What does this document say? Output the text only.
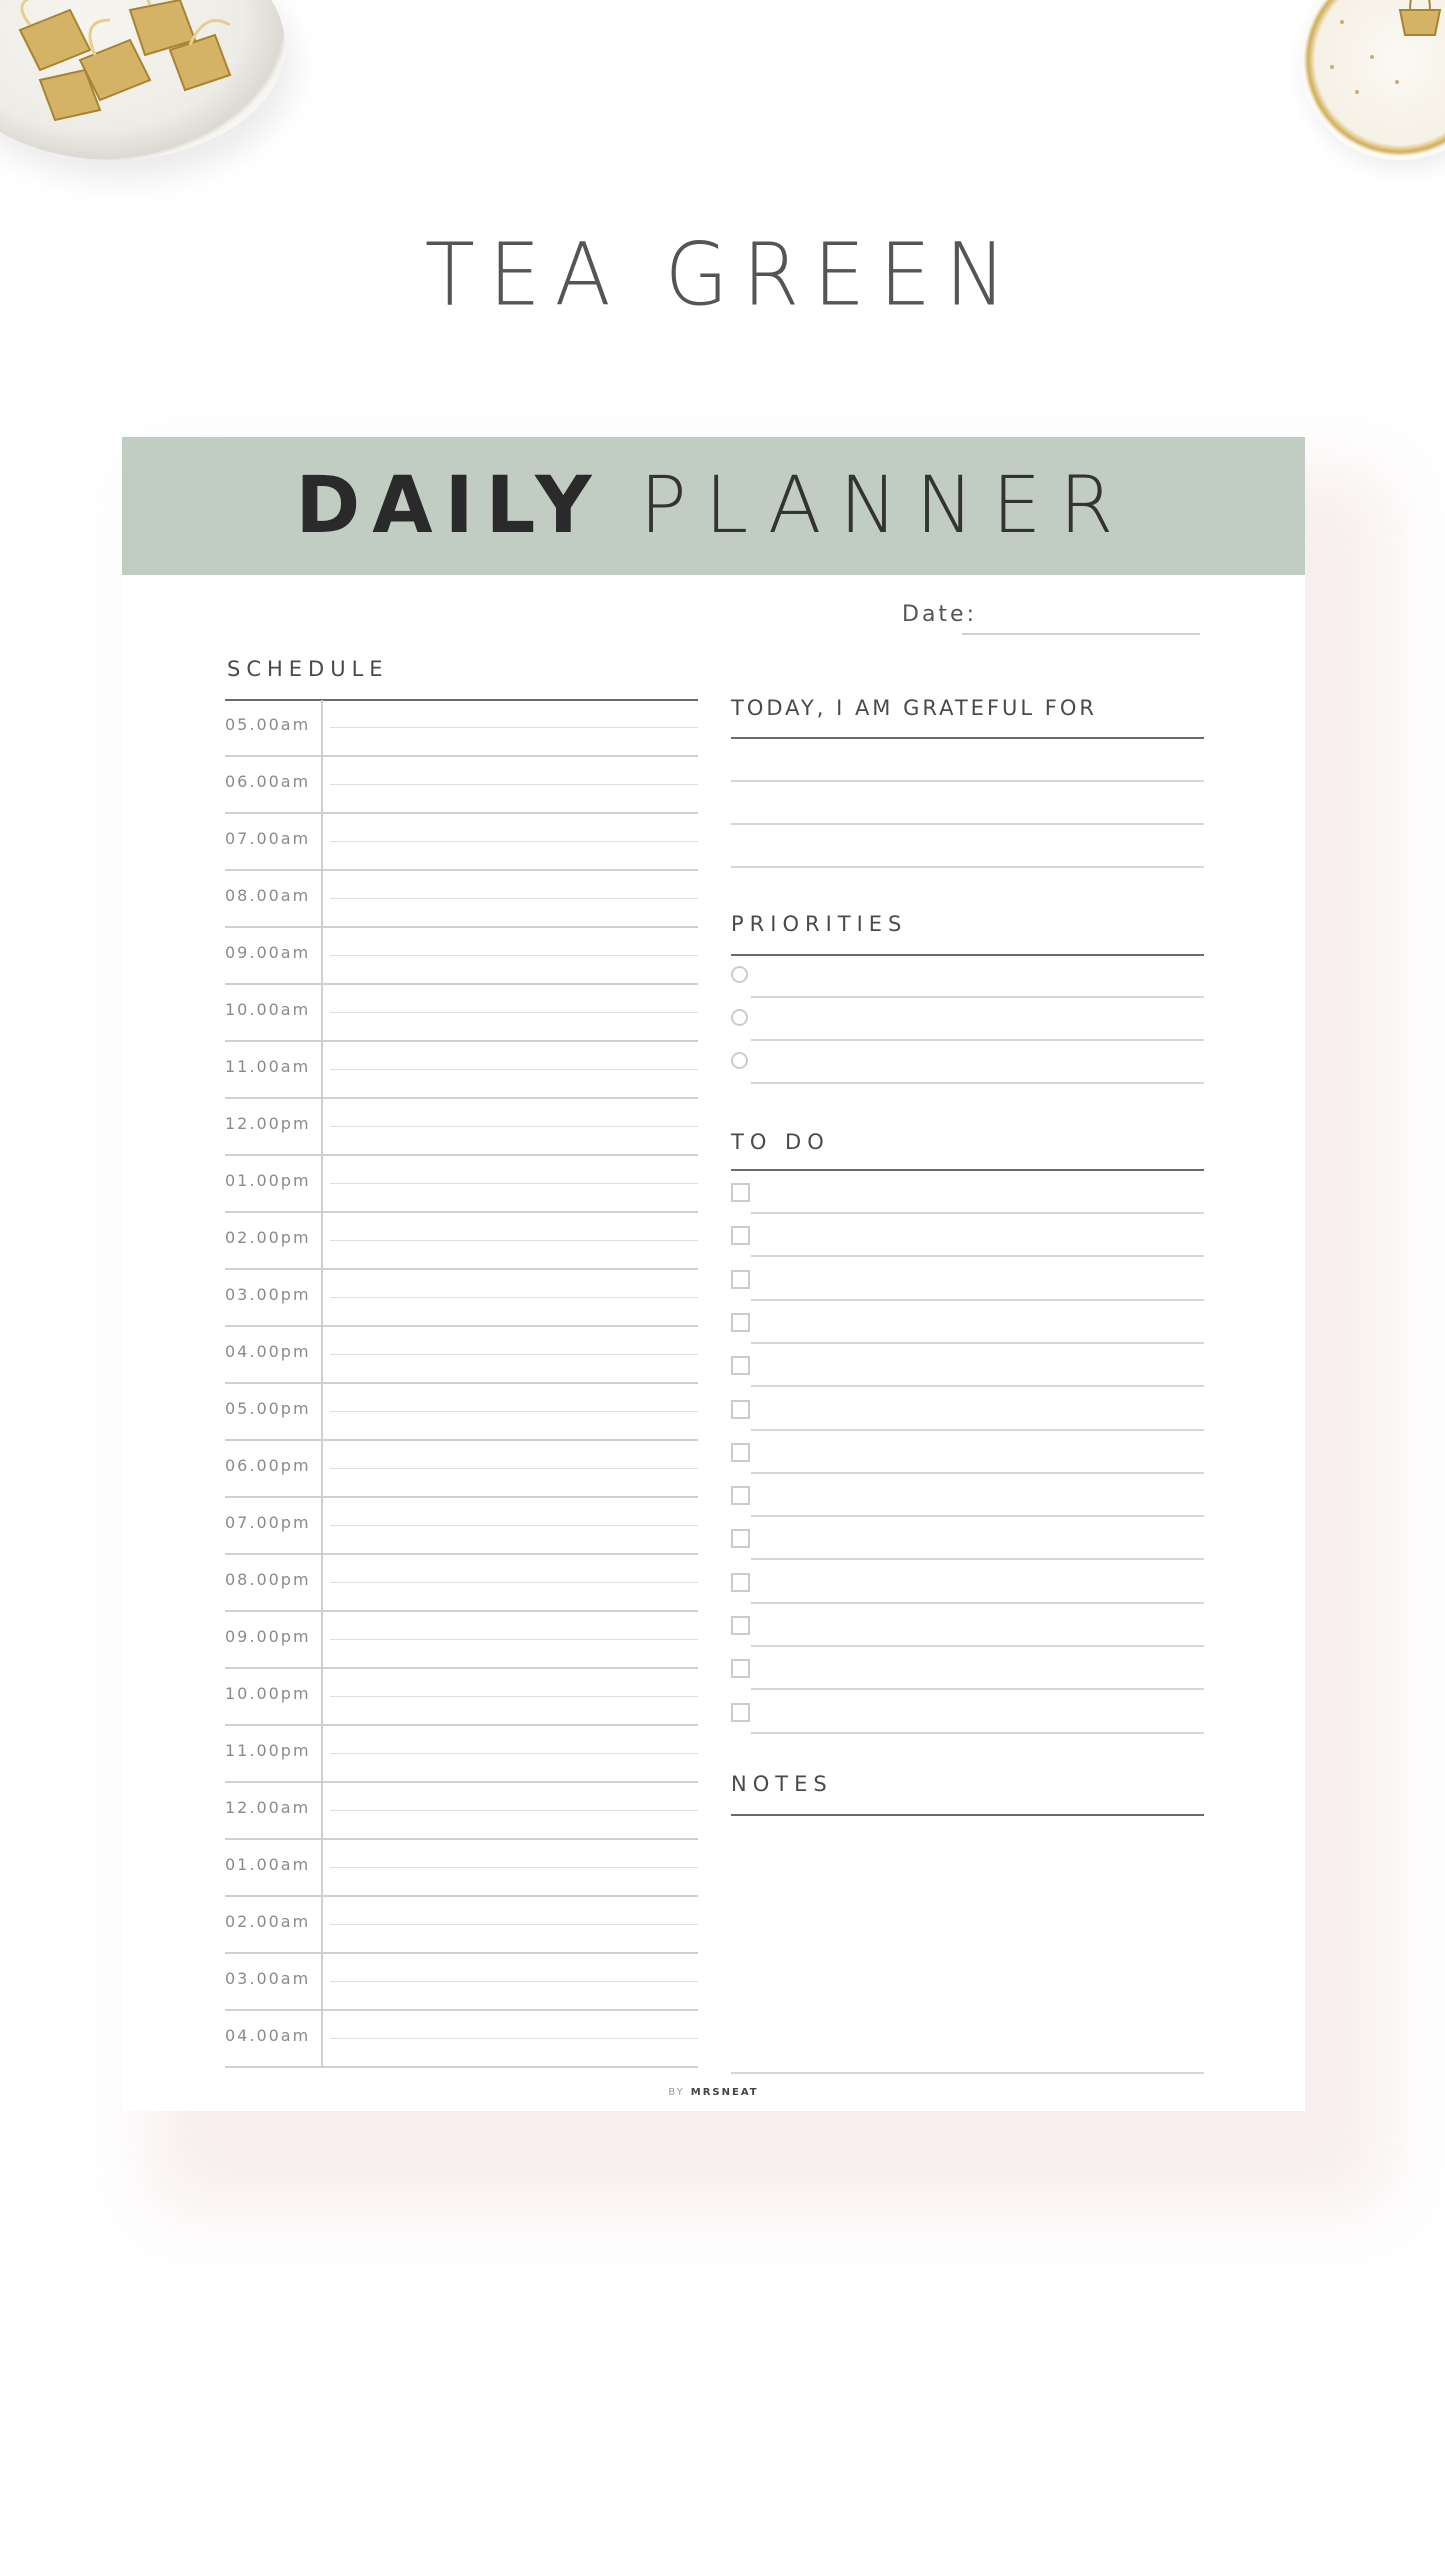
TEA GREEN
DAILY PLANNER
Date:
SCHEDULE
05.00am
06.00am
07.00am
08.00am
09.00am
10.00am
11.00am
12.00pm
01.00pm
02.00pm
03.00pm
04.00pm
05.00pm
06.00pm
07.00pm
08.00pm
09.00pm
10.00pm
11.00pm
12.00am
01.00am
02.00am
03.00am
04.00am
TODAY, I AM GRATEFUL FOR
PRIORITIES
TO DO
NOTES
BY MRSNEAT
